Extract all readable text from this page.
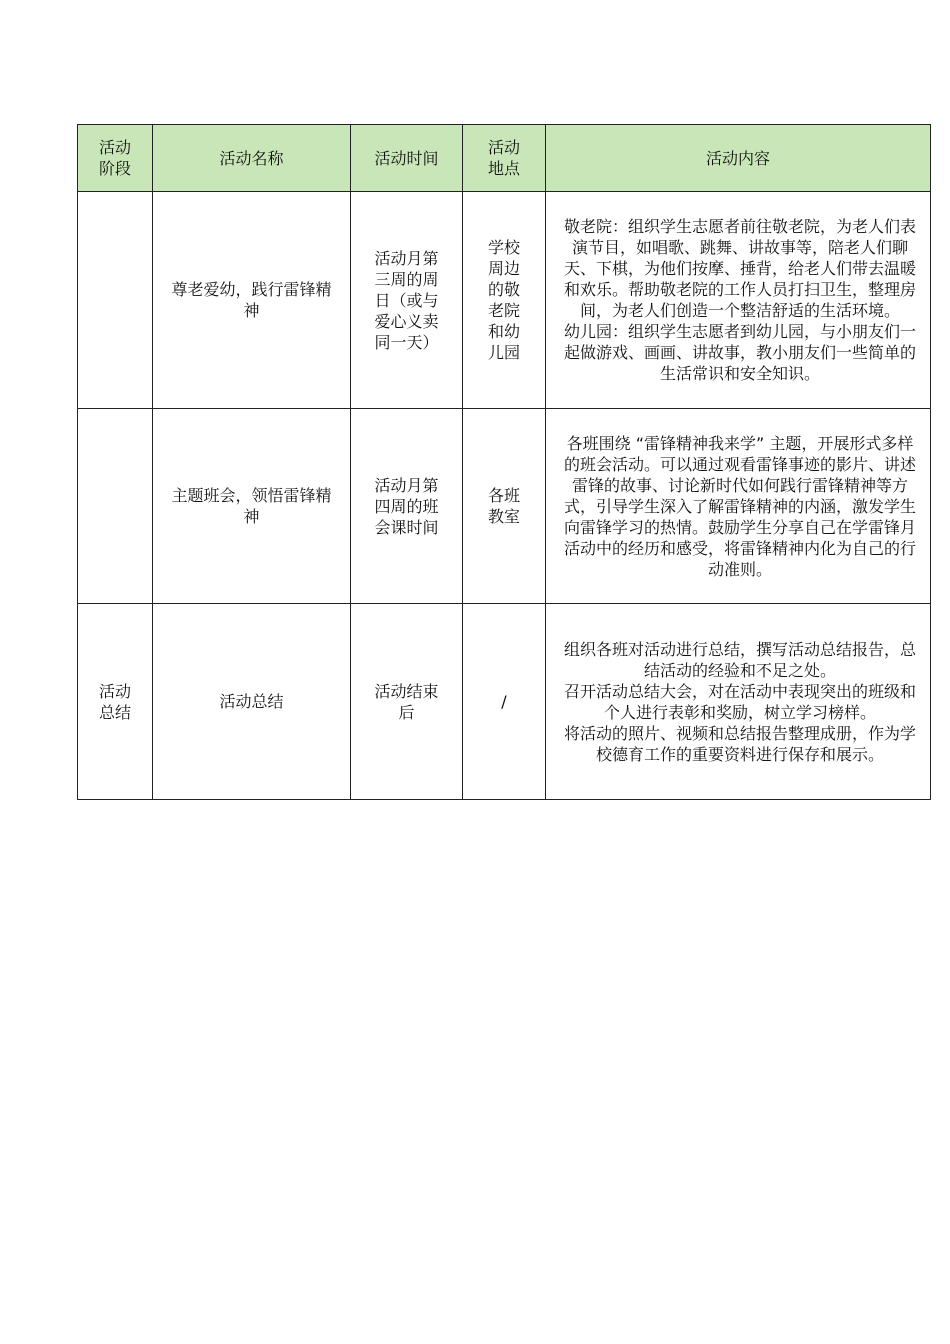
活动阶段	活动名称	活动时间	活动地点	活动内容
	尊老爱幼，践行雷锋精神	活动月第三周的周日（或与爱心义卖同一天）	学校周边的敬老院和幼儿园	敬老院：组织学生志愿者前往敬老院，为老人们表演节目，如唱歌、跳舞、讲故事等，陪老人们聊天、下棋，为他们按摩、捶背，给老人们带去温暖和欢乐。帮助敬老院的工作人员打扫卫生，整理房间，为老人们创造一个整洁舒适的生活环境。

幼儿园：组织学生志愿者到幼儿园，与小朋友们一起做游戏、画画、讲故事，教小朋友们一些简单的生活常识和安全知识。

	主题班会，领悟雷锋精神	活动月第四周的班会课时间	各班教室	各班围绕 “雷锋精神我来学” 主题，开展形式多样的班会活动。可以通过观看雷锋事迹的影片、讲述雷锋的故事、讨论新时代如何践行雷锋精神等方式，引导学生深入了解雷锋精神的内涵，激发学生向雷锋学习的热情。鼓励学生分享自己在学雷锋月活动中的经历和感受，将雷锋精神内化为自己的行动准则。

活动总结	活动总结	活动结束后	/	组织各班对活动进行总结，撰写活动总结报告，总结活动的经验和不足之处。

召开活动总结大会，对在活动中表现突出的班级和个人进行表彰和奖励，树立学习榜样。

将活动的照片、视频和总结报告整理成册，作为学校德育工作的重要资料进行保存和展示。
